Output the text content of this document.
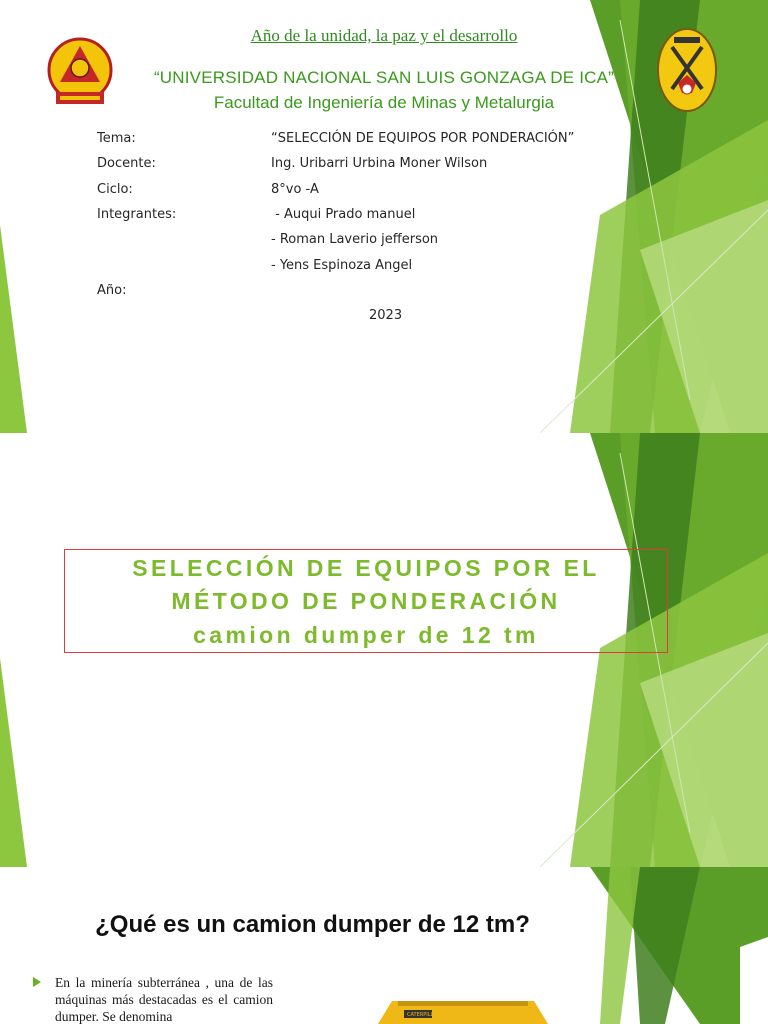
Año de la unidad, la paz y el desarrollo

“UNIVERSIDAD NACIONAL SAN LUIS GONZAGA DE ICA”

Facultad de Ingeniería de Minas y Metalurgia

Tema:	“SELECCIÓN DE EQUIPOS POR PONDERACIÓN”

Docente:	Ing. Uribarri Urbina Moner Wilson

Ciclo:	8°vo -A

Integrantes:	- Auqui Prado manuel

- Roman Laverio jefferson

- Yens Espinoza Angel

Año:

2023

SELECCIÓN DE EQUIPOS POR EL

MÉTODO DE PONDERACIÓN

camion dumper de 12 tm

¿Qué es un camion dumper de 12 tm?

En la minería subterránea , una de las máquinas más destacadas es el camion dumper. Se denomina	CATERPILLAR
